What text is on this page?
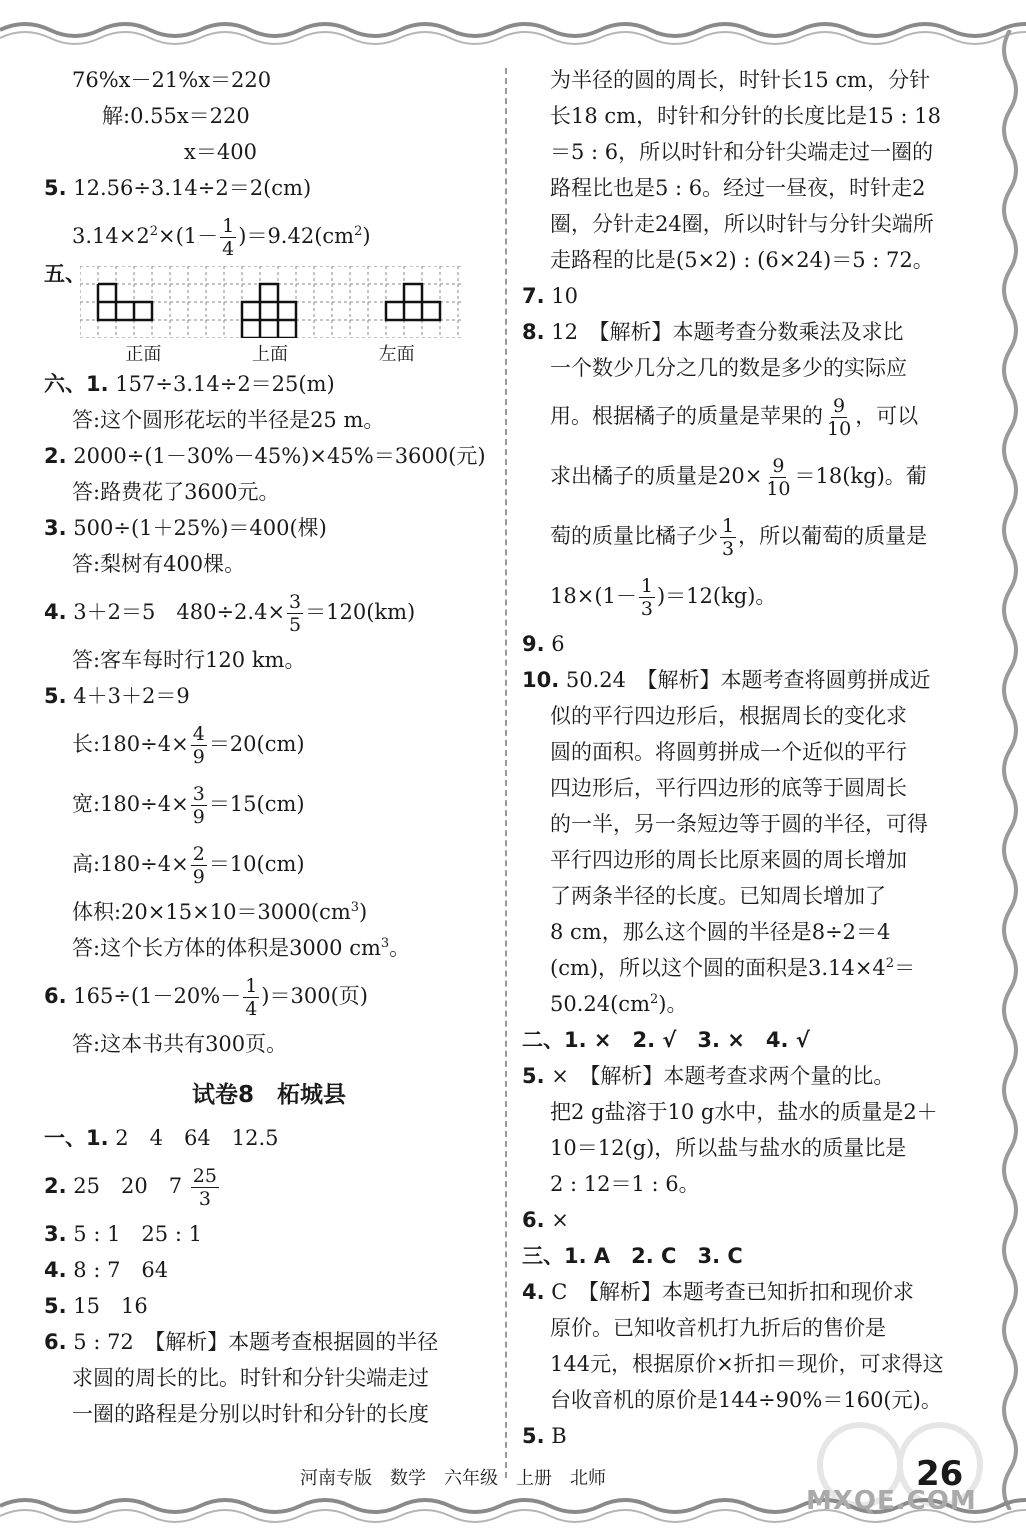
76%x－21%x＝220
解:0.55x＝220
x＝400
5. 12.56÷3.14÷2＝2(cm)
$3.14\times 2^2\times(1- \frac{1}{4} )=9.42(cm^2)$
五、
正面	上面	左面
六、1. 157÷3.14÷2＝25(m)
答:这个圆形花坛的半径是25 m。
2. 2000÷(1－30%－45%)×45%＝3600(元)
答:路费花了3600元。
3. 500÷(1＋25%)＝400(棵)
答:梨树有400棵。
4. 3＋2＝5　$480\div 2.4\times \frac{3}{5} =120(km)$
答:客车每时行120 km。
5. 4＋3＋2＝9
长:180÷4× $\frac{4}{9} =20(cm)$
宽:180÷4× $\frac{3}{9} =15(cm)$
高:180÷4× $\frac{2}{9} =10(cm)$
体积$:20\times 15\times 10=3000(cm^3)$
答:这个长方体的体积是3000 $cm^3$。
6. $165\div(1-20\%- \frac{1}{4} )=300$(页)
答:这本书共有300页。
试卷8　柘城县
一、1. 2　4　64　12.5
2. 25　20　$7 \frac{25}{3}$
3. 5 : 1　25 : 1
4. 8 : 7　64
5. 15　16
6. 5 : 72　【解析】本题考查根据圆的半径
求圆的周长的比。时针和分针尖端走过
一圈的路程是分别以时针和分针的长度
为半径的圆的周长，时针长15 cm，分针
长18 cm，时针和分针的长度比是15 : 18
＝5 : 6，所以时针和分针尖端走过一圈的
路程比也是5 : 6。经过一昼夜，时针走2
圈，分针走24圈，所以时针与分针尖端所
走路程的比是(5×2) : (6×24)＝5 : 72。
7. 10
8. 12　【解析】本题考查分数乘法及求比
一个数少几分之几的数是多少的实际应
用。根据橘子的质量是苹果的 $\frac{9}{10}$ ，可以
求出橘子的质量是$20\times \frac{9}{10} =18(kg)$。葡
萄的质量比橘子少 $\frac{1}{3}$ ，所以葡萄的质量是
$18\times(1- \frac{1}{3} )=12(kg)$。
9. 6
10. 50.24　【解析】本题考查将圆剪拼成近
似的平行四边形后，根据周长的变化求
圆的面积。将圆剪拼成一个近似的平行
四边形后，平行四边形的底等于圆周长
的一半，另一条短边等于圆的半径，可得
平行四边形的周长比原来圆的周长增加
了两条半径的长度。已知周长增加了
8 cm，那么这个圆的半径是8÷2＝4
(cm)，所以这个圆的面积是$3.14\times 4^2=$
$50.24(cm^2)$。
二、1. ×　2. √　3. ×　4. √
5. ×　【解析】本题考查求两个量的比。
把2 g盐溶于10 g水中，盐水的质量是2＋
10＝12(g)，所以盐与盐水的质量比是
2 : 12＝1 : 6。
6. ×
三、1. A　2. C　3. C
4. C　【解析】本题考查已知折扣和现价求
原价。已知收音机打九折后的售价是
144元，根据原价×折扣＝现价，可求得这
台收音机的原价是144÷90%＝160(元)。
5. B
河南专版　数学　六年级　上册　北师	26
MXQE.COM
